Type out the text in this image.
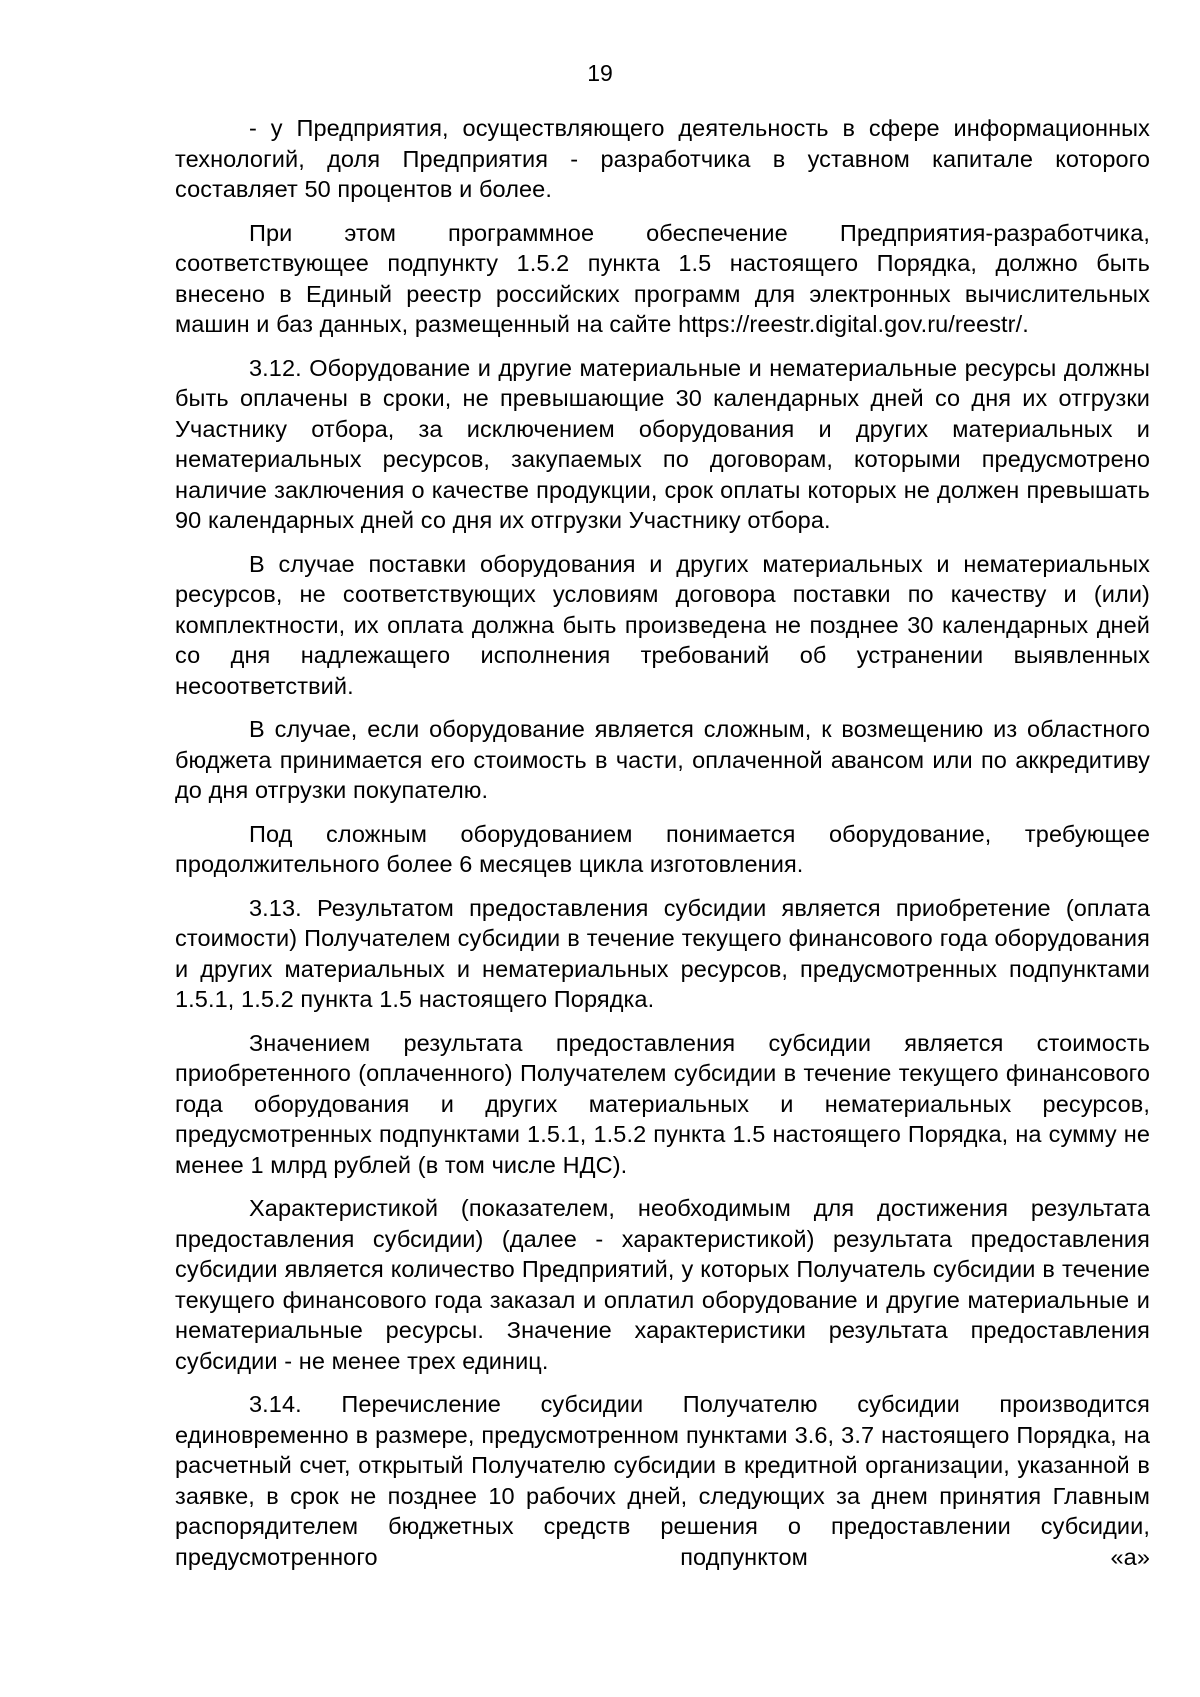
19

- у Предприятия, осуществляющего деятельность в сфере информационных технологий, доля Предприятия - разработчика в уставном капитале которого составляет 50 процентов и более.

При этом программное обеспечение Предприятия-разработчика, соответствующее подпункту 1.5.2 пункта 1.5 настоящего Порядка, должно быть внесено в Единый реестр российских программ для электронных вычислительных машин и баз данных, размещенный на сайте https://reestr.digital.gov.ru/reestr/.

3.12. Оборудование и другие материальные и нематериальные ресурсы должны быть оплачены в сроки, не превышающие 30 календарных дней со дня их отгрузки Участнику отбора, за исключением оборудования и других материальных и нематериальных ресурсов, закупаемых по договорам, которыми предусмотрено наличие заключения о качестве продукции, срок оплаты которых не должен превышать 90 календарных дней со дня их отгрузки Участнику отбора.

В случае поставки оборудования и других материальных и нематериальных ресурсов, не соответствующих условиям договора поставки по качеству и (или) комплектности, их оплата должна быть произведена не позднее 30 календарных дней со дня надлежащего исполнения требований об устранении выявленных несоответствий.

В случае, если оборудование является сложным, к возмещению из областного бюджета принимается его стоимость в части, оплаченной авансом или по аккредитиву до дня отгрузки покупателю.

Под сложным оборудованием понимается оборудование, требующее продолжительного более 6 месяцев цикла изготовления.

3.13. Результатом предоставления субсидии является приобретение (оплата стоимости) Получателем субсидии в течение текущего финансового года оборудования и других материальных и нематериальных ресурсов, предусмотренных подпунктами 1.5.1, 1.5.2 пункта 1.5 настоящего Порядка.

Значением результата предоставления субсидии является стоимость приобретенного (оплаченного) Получателем субсидии в течение текущего финансового года оборудования и других материальных и нематериальных ресурсов, предусмотренных подпунктами 1.5.1, 1.5.2 пункта 1.5 настоящего Порядка, на сумму не менее 1 млрд рублей (в том числе НДС).

Характеристикой (показателем, необходимым для достижения результата предоставления субсидии) (далее - характеристикой) результата предоставления субсидии является количество Предприятий, у которых Получатель субсидии в течение текущего финансового года заказал и оплатил оборудование и другие материальные и нематериальные ресурсы. Значение характеристики результата предоставления субсидии - не менее трех единиц.

3.14. Перечисление субсидии Получателю субсидии производится единовременно в размере, предусмотренном пунктами 3.6, 3.7 настоящего Порядка, на расчетный счет, открытый Получателю субсидии в кредитной организации, указанной в заявке, в срок не позднее 10 рабочих дней, следующих за днем принятия Главным распорядителем бюджетных средств решения о предоставлении субсидии, предусмотренного подпунктом «а»
